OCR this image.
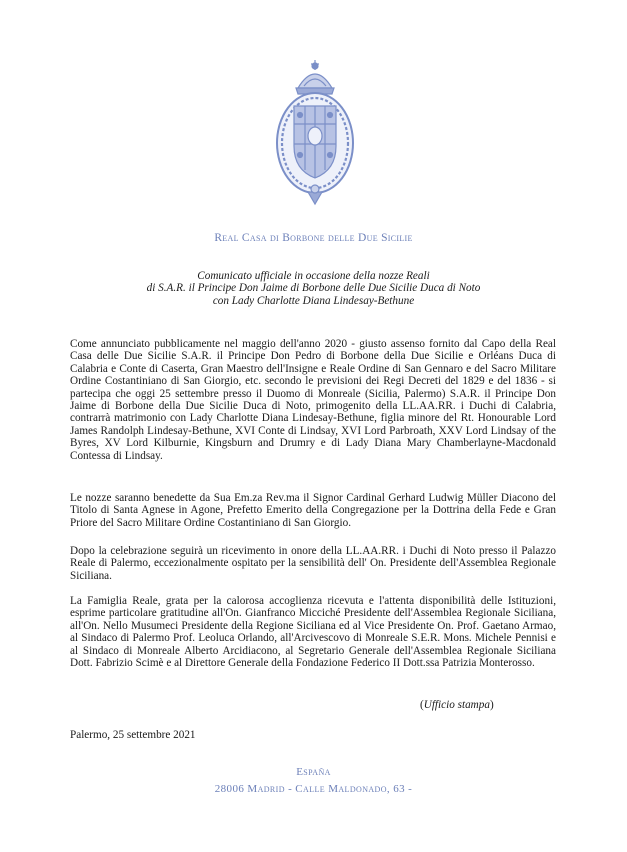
Real Casa di Borbone delle Due Sicilie
Comunicato ufficiale in occasione della nozze Reali
di S.A.R. il Principe Don Jaime di Borbone delle Due Sicilie Duca di Noto
con Lady Charlotte Diana Lindesay-Bethune

Come annunciato pubblicamente nel maggio dell'anno 2020 - giusto assenso fornito dal Capo della Real Casa delle Due Sicilie S.A.R. il Principe Don Pedro di Borbone della Due Sicilie e Orléans Duca di Calabria e Conte di Caserta, Gran Maestro dell'Insigne e Reale Ordine di San Gennaro e del Sacro Militare Ordine Costantiniano di San Giorgio, etc. secondo le previsioni dei Regi Decreti del 1829 e del 1836 - si partecipa che oggi 25 settembre presso il Duomo di Monreale (Sicilia, Palermo) S.A.R. il Principe Don Jaime di Borbone della Due Sicilie Duca di Noto, primogenito della LL.AA.RR. i Duchi di Calabria, contrarrà matrimonio con Lady Charlotte Diana Lindesay-Bethune, figlia minore del Rt. Honourable Lord James Randolph Lindesay-Bethune, XVI Conte di Lindsay, XVI Lord Parbroath, XXV Lord Lindsay of the Byres, XV Lord Kilburnie, Kingsburn and Drumry e di Lady Diana Mary Chamberlayne-Macdonald Contessa di Lindsay.

Le nozze saranno benedette da Sua Em.za Rev.ma il Signor Cardinal Gerhard Ludwig Müller Diacono del Titolo di Santa Agnese in Agone, Prefetto Emerito della Congregazione per la Dottrina della Fede e Gran Priore del Sacro Militare Ordine Costantiniano di San Giorgio.

Dopo la celebrazione seguirà un ricevimento in onore della LL.AA.RR. i Duchi di Noto presso il Palazzo Reale di Palermo, eccezionalmente ospitato per la sensibilità dell' On. Presidente dell'Assemblea Regionale Siciliana.

La Famiglia Reale, grata per la calorosa accoglienza ricevuta e l'attenta disponibilità delle Istituzioni, esprime particolare gratitudine all'On. Gianfranco Micciché Presidente dell'Assemblea Regionale Siciliana, all'On. Nello Musumeci Presidente della Regione Siciliana ed al Vice Presidente On. Prof. Gaetano Armao, al Sindaco di Palermo Prof. Leoluca Orlando, all'Arcivescovo di Monreale S.E.R. Mons. Michele Pennisi e al Sindaco di Monreale Alberto Arcidiacono, al Segretario Generale dell'Assemblea Regionale Siciliana Dott. Fabrizio Scimè e al Direttore Generale della Fondazione Federico II Dott.ssa Patrizia Monterosso.

(Ufficio stampa)
Palermo, 25 settembre 2021
España
28006 Madrid - Calle Maldonado, 63 -
